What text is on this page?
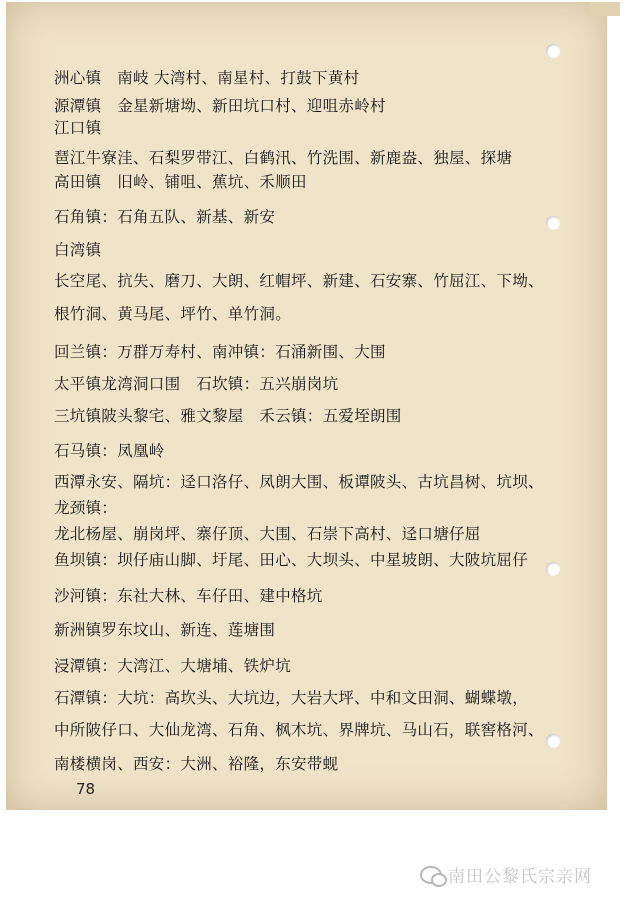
洲心镇　南岐 大湾村、南星村、打鼓下黄村
源潭镇　金星新塘坳、新田坑口村、迎咀赤岭村
江口镇
琶江牛寮洼、石梨罗带江、白鹤汛、竹洗围、新鹿盎、独屋、探塘
高田镇　旧岭、铺咀、蕉坑、禾顺田
石角镇：石角五队、新基、新安
白湾镇
长空尾、抗失、磨刀、大朗、红帽坪、新建、石安寨、竹屈江、下坳、
根竹洞、黄马尾、坪竹、单竹洞。
回兰镇：万群万寿村、南冲镇：石涌新围、大围
太平镇龙湾洞口围　石坎镇：五兴崩岗坑
三坑镇陂头黎宅、雅文黎屋　禾云镇：五爱垤朗围
石马镇：凤凰岭
西潭永安、隔坑：迳口洛仔、凤朗大围、板谭陂头、古坑昌树、坑坝、
龙颈镇：
龙北杨屋、崩岗坪、寨仔顶、大围、石崇下高村、迳口塘仔屈
鱼坝镇：坝仔庙山脚、圩尾、田心、大坝头、中星坡朗、大陂坑屈仔
沙河镇：东社大林、车仔田、建中格坑
新洲镇罗东坟山、新连、莲塘围
浸潭镇：大湾江、大塘埔、铁炉坑
石潭镇：大坑：高坎头、大坑边，大岩大坪、中和文田洞、蝴蝶墩，
中所陂仔口、大仙龙湾、石角、枫木坑、界牌坑、马山石，联窖格河、
南楼横岗、西安：大洲、裕隆，东安带蚬
78
南田公黎氏宗亲网
